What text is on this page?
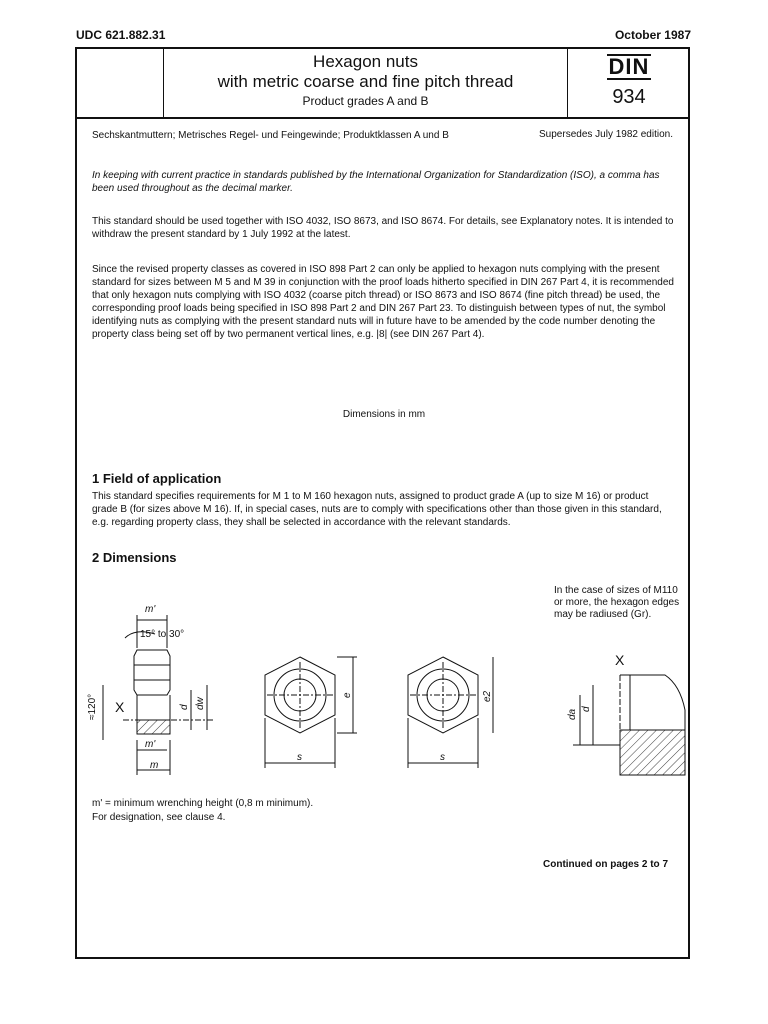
UDC 621.882.31	October 1987
Hexagon nuts
with metric coarse and fine pitch thread
Product grades A and B
DIN
934
Sechskantmuttern; Metrisches Regel- und Feingewinde; Produktklassen A und B	Supersedes July 1982 edition.
In keeping with current practice in standards published by the International Organization for Standardization (ISO), a comma has been used throughout as the decimal marker.
This standard should be used together with ISO 4032, ISO 8673, and ISO 8674. For details, see Explanatory notes. It is intended to withdraw the present standard by 1 July 1992 at the latest.
Since the revised property classes as covered in ISO 898 Part 2 can only be applied to hexagon nuts complying with the present standard for sizes between M 5 and M 39 in conjunction with the proof loads hitherto specified in DIN 267 Part 4, it is recommended that only hexagon nuts complying with ISO 4032 (coarse pitch thread) or ISO 8673 and ISO 8674 (fine pitch thread) be used, the corresponding proof loads being specified in ISO 898 Part 2 and DIN 267 Part 23. To distinguish between types of nut, the symbol identifying nuts as complying with the present standard nuts will in future have to be amended by the code number denoting the property class being set off by two permanent vertical lines, e.g. |8| (see DIN 267 Part 4).
Dimensions in mm
1 Field of application
This standard specifies requirements for M 1 to M 160 hexagon nuts, assigned to product grade A (up to size M 16) or product grade B (for sizes above M 16). If, in special cases, nuts are to comply with specifications other than those given in this standard, e.g. regarding property class, they shall be selected in accordance with the relevant standards.
2 Dimensions
In the case of sizes of M110 or more, the hexagon edges may be radiused (Gr).
m'
15° to 30°
≈120° X	d dw
m'
m
e
s
e2
s
X
da d
m' = minimum wrenching height (0,8 m minimum).
For designation, see clause 4.
Continued on pages 2 to 7
